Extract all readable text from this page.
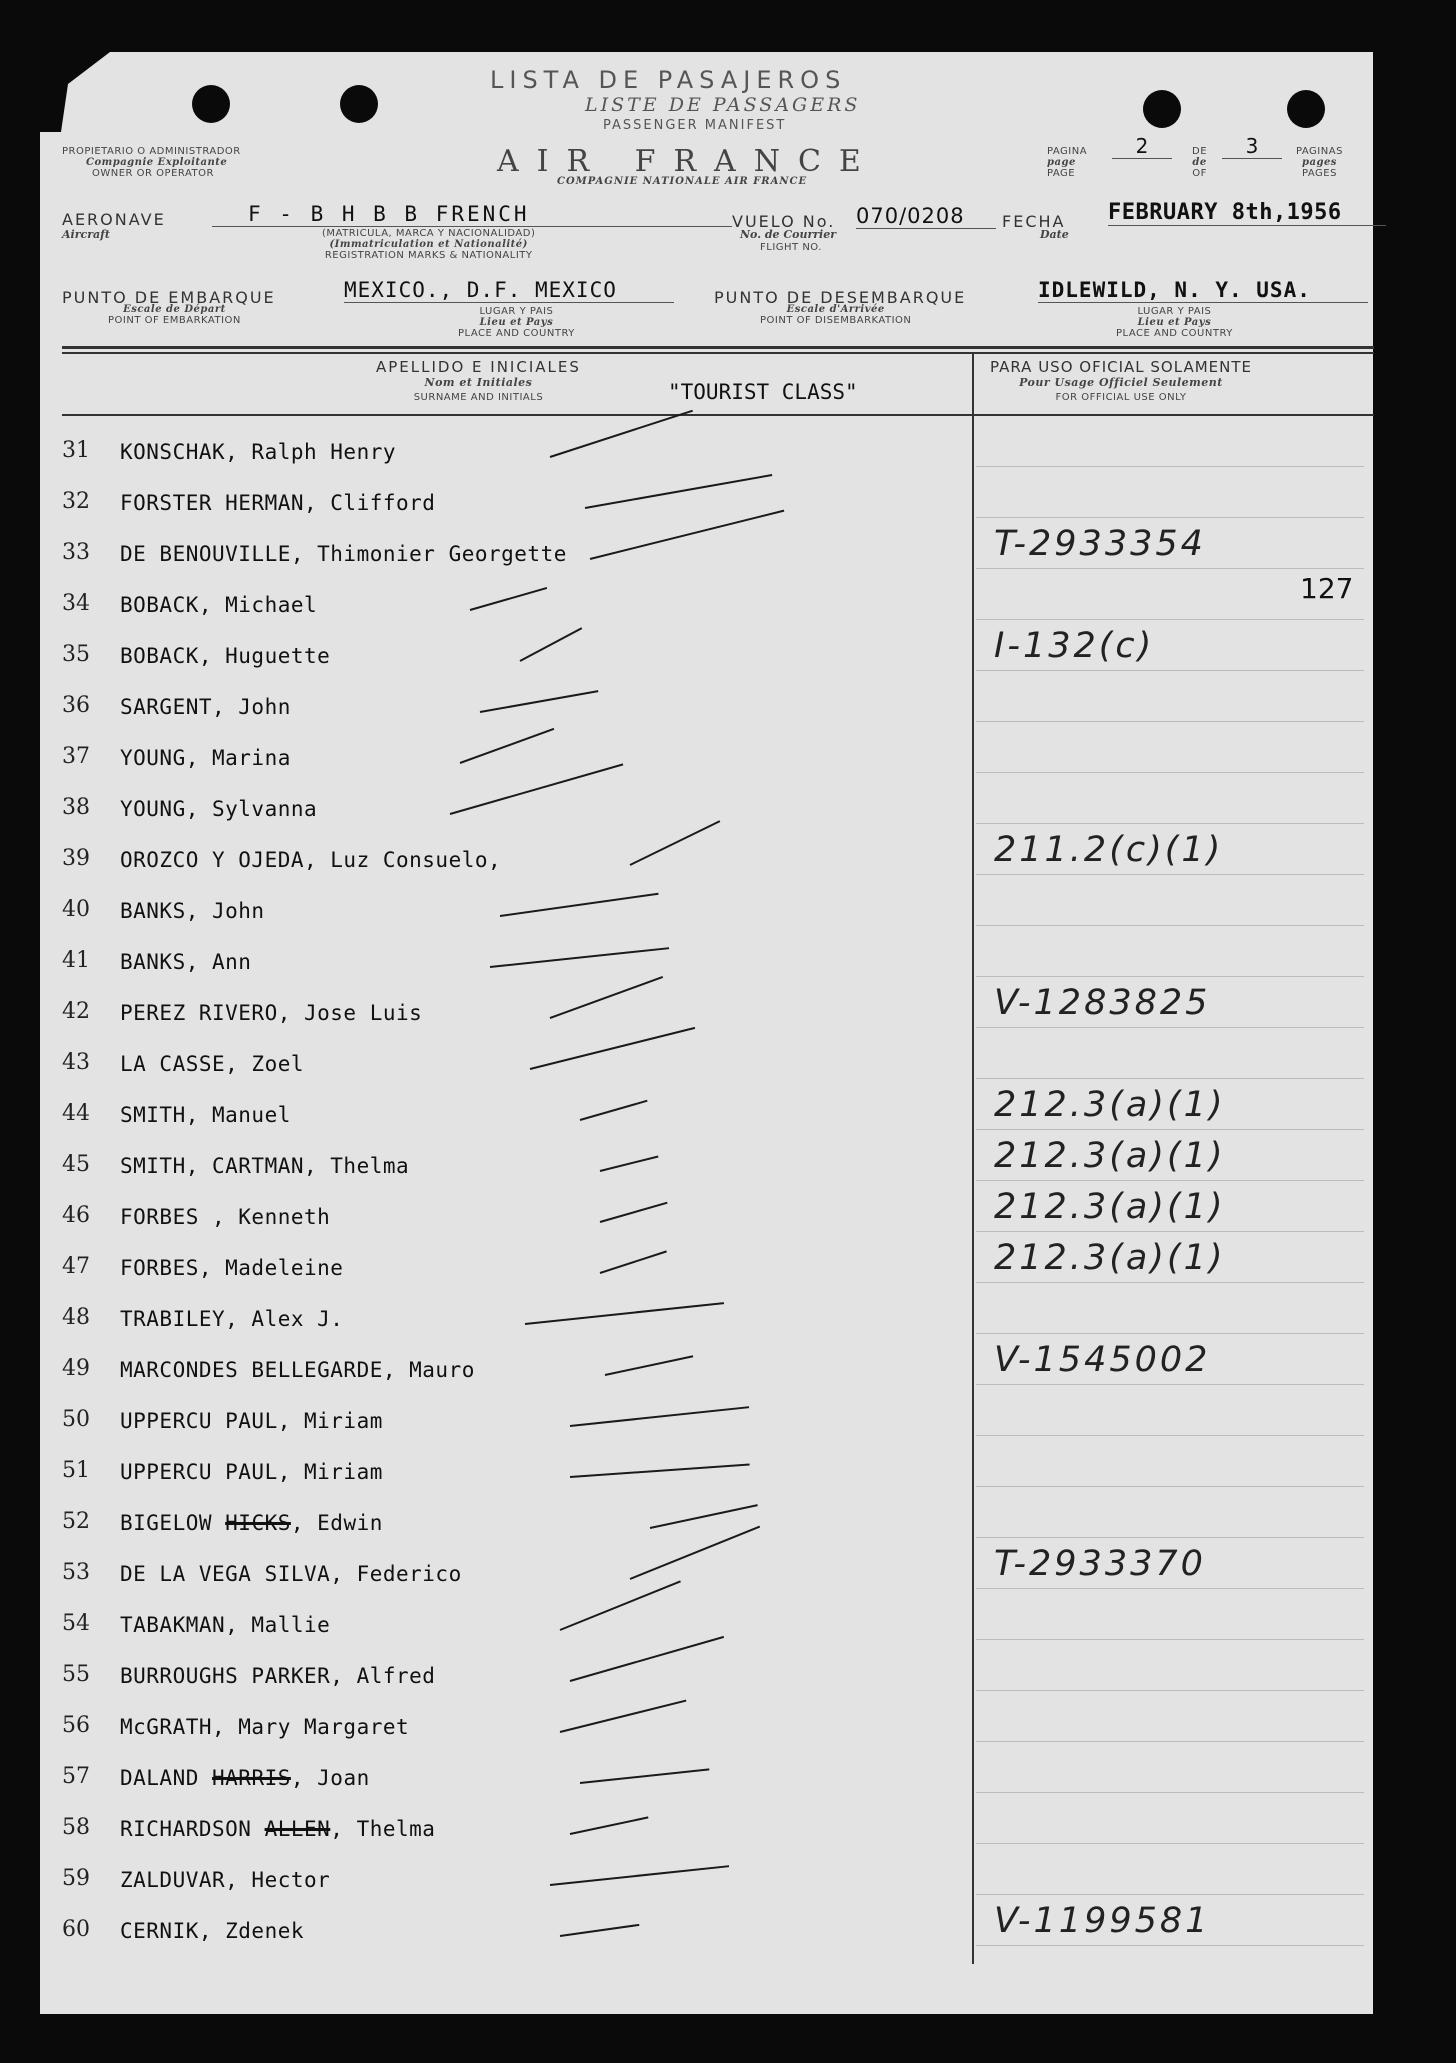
LISTA DE PASAJEROS
LISTE DE PASSAGERS
PASSENGER MANIFEST
PROPIETARIO O ADMINISTRADOR
Compagnie Exploitante
OWNER OR OPERATOR	AIR FRANCE
COMPAGNIE NATIONALE AIR FRANCE
PAGINA
page
PAGE
2	DE
de
OF
3	PAGINAS
pages
PAGES
AERONAVE
Aircraft
F - B H B B FRENCH
(MATRICULA, MARCA Y NACIONALIDAD)
(Immatriculation et Nationalité)
REGISTRATION MARKS & NATIONALITY
VUELO No.
No. de Courrier
FLIGHT NO.
070/0208	FECHA
Date
FEBRUARY 8th,1956
PUNTO DE EMBARQUE
Escale de Départ
POINT OF EMBARKATION
MEXICO., D.F. MEXICO
LUGAR Y PAIS
Lieu et Pays
PLACE AND COUNTRY
PUNTO DE DESEMBARQUE
Escale d'Arrivée
POINT OF DISEMBARKATION
IDLEWILD, N. Y. USA.
LUGAR Y PAIS
Lieu et Pays
PLACE AND COUNTRY
APELLIDO E INICIALES
Nom et Initiales
SURNAME AND INITIALS	"TOURIST CLASS"
PARA USO OFICIAL SOLAMENTE
Pour Usage Officiel Seulement
FOR OFFICIAL USE ONLY
127
31 KONSCHAK, Ralph Henry
32 FORSTER HERMAN, Clifford
33 DE BENOUVILLE, Thimonier Georgette	T-2933354
34 BOBACK, Michael
35 BOBACK, Huguette	I-132(c)
36 SARGENT, John
37 YOUNG, Marina
38 YOUNG, Sylvanna
39 OROZCO Y OJEDA, Luz Consuelo,	211.2(c)(1)
40 BANKS, John
41 BANKS, Ann
42 PEREZ RIVERO, Jose Luis	V-1283825
43 LA CASSE, Zoel
44 SMITH, Manuel	212.3(a)(1)
45 SMITH, CARTMAN, Thelma	212.3(a)(1)
46 FORBES , Kenneth	212.3(a)(1)
47 FORBES, Madeleine	212.3(a)(1)
48 TRABILEY, Alex J.
49 MARCONDES BELLEGARDE, Mauro	V-1545002
50 UPPERCU PAUL, Miriam
51 UPPERCU PAUL, Miriam
52 BIGELOW HICKS, Edwin
53 DE LA VEGA SILVA, Federico	T-2933370
54 TABAKMAN, Mallie
55 BURROUGHS PARKER, Alfred
56 McGRATH, Mary Margaret
57 DALAND HARRIS, Joan
58 RICHARDSON ALLEN, Thelma
59 ZALDUVAR, Hector
60 CERNIK, Zdenek	V-1199581
